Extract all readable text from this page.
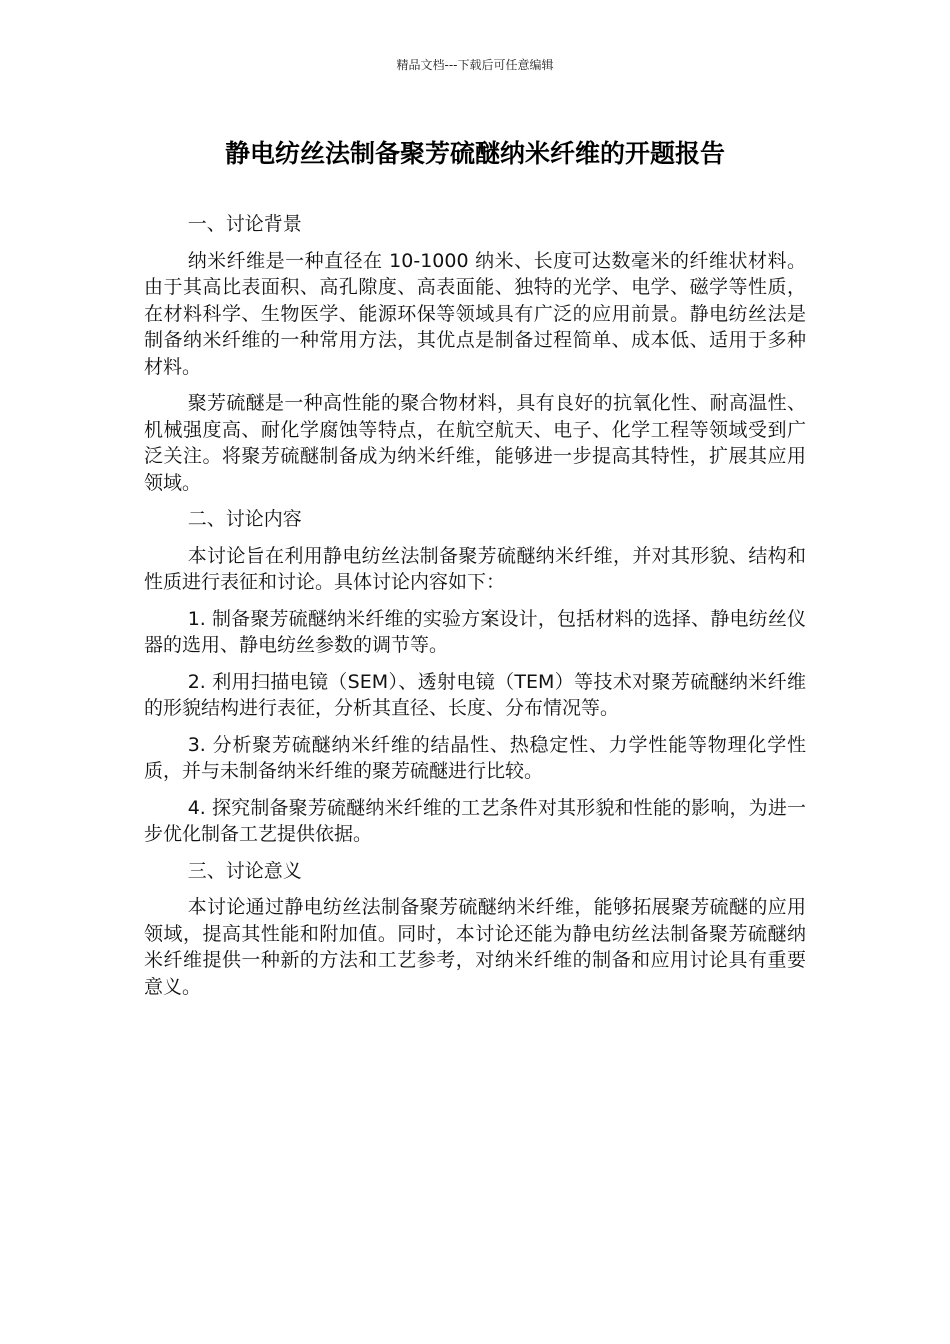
精品文档---下载后可任意编辑
静电纺丝法制备聚芳硫醚纳米纤维的开题报告

一、讨论背景

纳米纤维是一种直径在 10-1000 纳米、长度可达数毫米的纤维状材料。由于其高比表面积、高孔隙度、高表面能、独特的光学、电学、磁学等性质，在材料科学、生物医学、能源环保等领域具有广泛的应用前景。静电纺丝法是制备纳米纤维的一种常用方法，其优点是制备过程简单、成本低、适用于多种材料。

聚芳硫醚是一种高性能的聚合物材料，具有良好的抗氧化性、耐高温性、机械强度高、耐化学腐蚀等特点，在航空航天、电子、化学工程等领域受到广泛关注。将聚芳硫醚制备成为纳米纤维，能够进一步提高其特性，扩展其应用领域。

二、讨论内容

本讨论旨在利用静电纺丝法制备聚芳硫醚纳米纤维，并对其形貌、结构和性质进行表征和讨论。具体讨论内容如下：

1. 制备聚芳硫醚纳米纤维的实验方案设计，包括材料的选择、静电纺丝仪器的选用、静电纺丝参数的调节等。

2. 利用扫描电镜（SEM）、透射电镜（TEM）等技术对聚芳硫醚纳米纤维的形貌结构进行表征，分析其直径、长度、分布情况等。

3. 分析聚芳硫醚纳米纤维的结晶性、热稳定性、力学性能等物理化学性质，并与未制备纳米纤维的聚芳硫醚进行比较。

4. 探究制备聚芳硫醚纳米纤维的工艺条件对其形貌和性能的影响，为进一步优化制备工艺提供依据。

三、讨论意义

本讨论通过静电纺丝法制备聚芳硫醚纳米纤维，能够拓展聚芳硫醚的应用领域，提高其性能和附加值。同时，本讨论还能为静电纺丝法制备聚芳硫醚纳米纤维提供一种新的方法和工艺参考，对纳米纤维的制备和应用讨论具有重要意义。
